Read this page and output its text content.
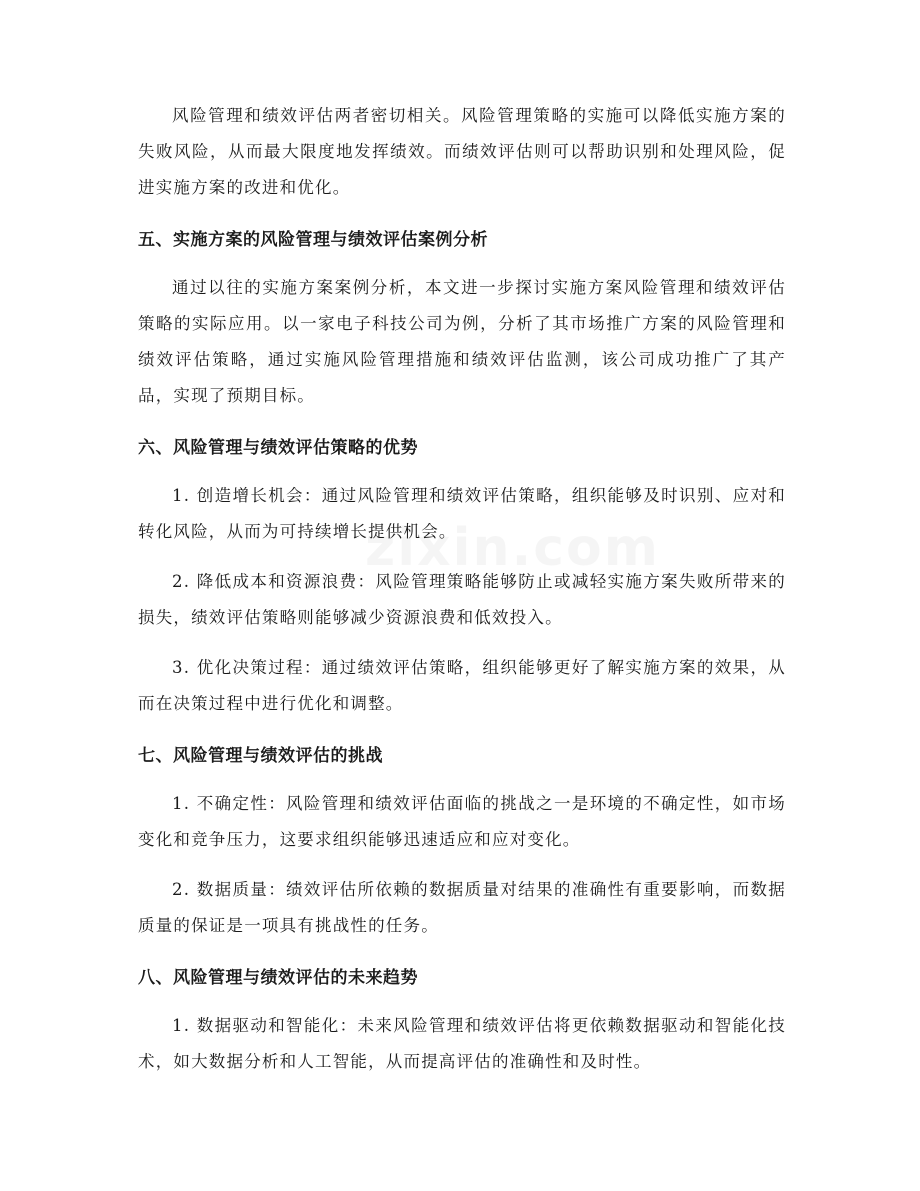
风险管理和绩效评估两者密切相关。风险管理策略的实施可以降低实施方案的失败风险，从而最大限度地发挥绩效。而绩效评估则可以帮助识别和处理风险，促进实施方案的改进和优化。

五、实施方案的风险管理与绩效评估案例分析

通过以往的实施方案案例分析，本文进一步探讨实施方案风险管理和绩效评估策略的实际应用。以一家电子科技公司为例，分析了其市场推广方案的风险管理和绩效评估策略，通过实施风险管理措施和绩效评估监测，该公司成功推广了其产品，实现了预期目标。

六、风险管理与绩效评估策略的优势

1. 创造增长机会：通过风险管理和绩效评估策略，组织能够及时识别、应对和转化风险，从而为可持续增长提供机会。

2. 降低成本和资源浪费：风险管理策略能够防止或减轻实施方案失败所带来的损失，绩效评估策略则能够减少资源浪费和低效投入。

3. 优化决策过程：通过绩效评估策略，组织能够更好了解实施方案的效果，从而在决策过程中进行优化和调整。

七、风险管理与绩效评估的挑战

1. 不确定性：风险管理和绩效评估面临的挑战之一是环境的不确定性，如市场变化和竞争压力，这要求组织能够迅速适应和应对变化。

2. 数据质量：绩效评估所依赖的数据质量对结果的准确性有重要影响，而数据质量的保证是一项具有挑战性的任务。

八、风险管理与绩效评估的未来趋势

1. 数据驱动和智能化：未来风险管理和绩效评估将更依赖数据驱动和智能化技术，如大数据分析和人工智能，从而提高评估的准确性和及时性。
